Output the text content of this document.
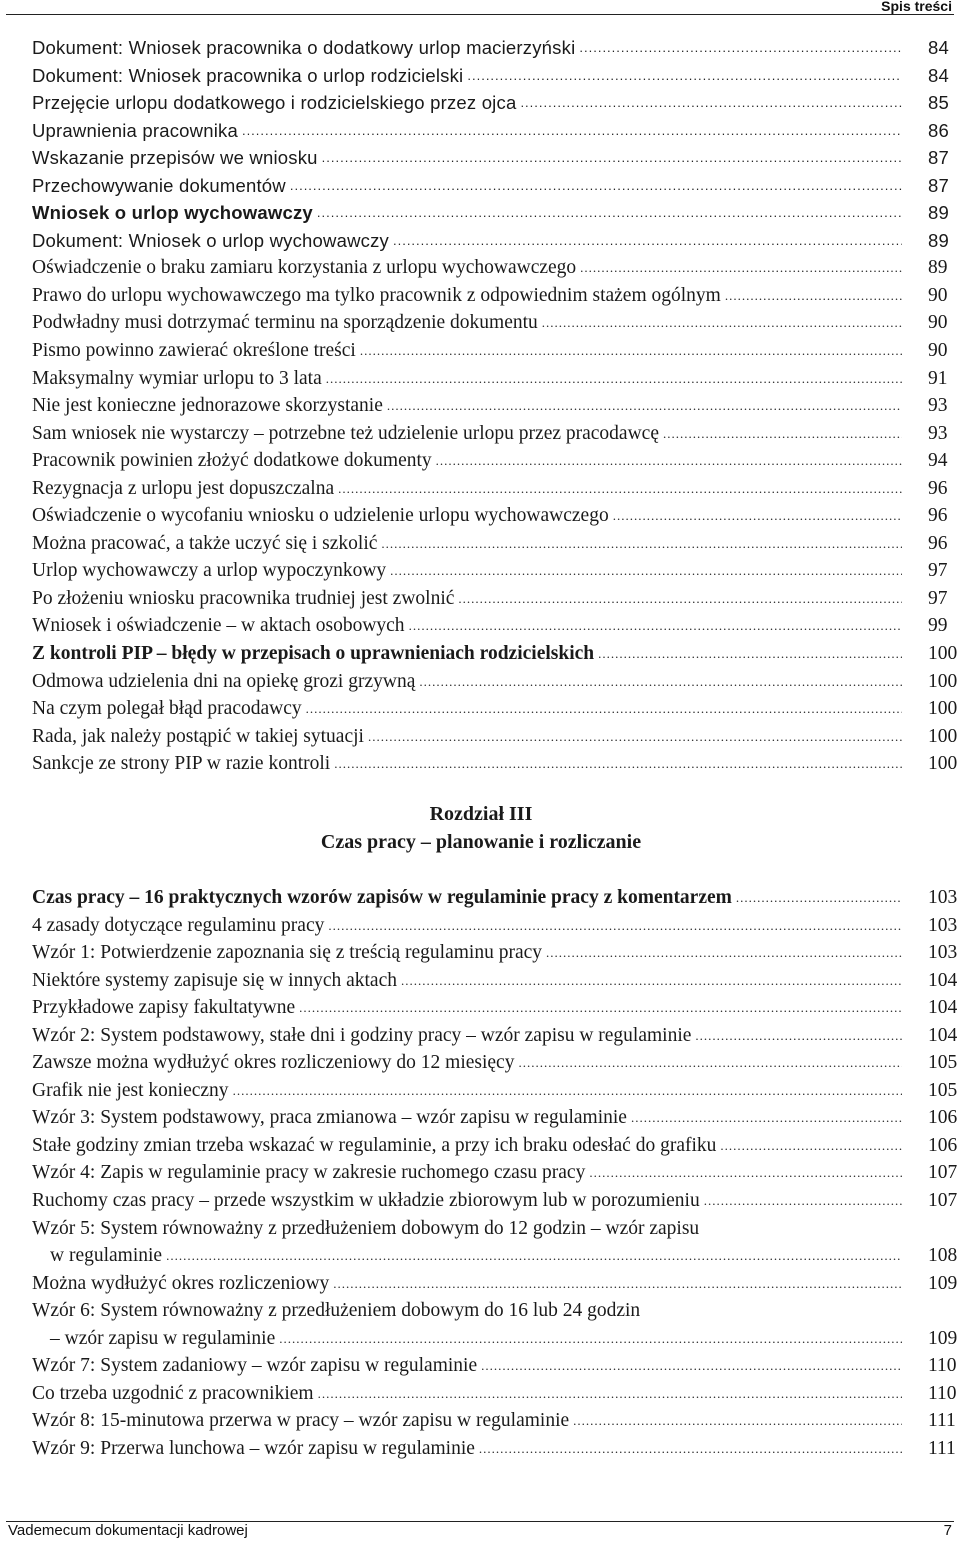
Spis treści
Dokument: Wniosek pracownika o dodatkowy urlop macierzyński .....	84
Dokument: Wniosek pracownika o urlop rodzicielski .....	84
Przejęcie urlopu dodatkowego i rodzicielskiego przez ojca .....	85
Uprawnienia pracownika .....	86
Wskazanie przepisów we wniosku .....	87
Przechowywanie dokumentów .....	87
Wniosek o urlop wychowawczy .....	89
Dokument: Wniosek o urlop wychowawczy .....	89
Oświadczenie o braku zamiaru korzystania z urlopu wychowawczego .....	89
Prawo do urlopu wychowawczego ma tylko pracownik z odpowiednim stażem ogólnym .....	90
Podwładny musi dotrzymać terminu na sporządzenie dokumentu .....	90
Pismo powinno zawierać określone treści .....	90
Maksymalny wymiar urlopu to 3 lata .....	91
Nie jest konieczne jednorazowe skorzystanie .....	93
Sam wniosek nie wystarczy – potrzebne też udzielenie urlopu przez pracodawcę .....	93
Pracownik powinien złożyć dodatkowe dokumenty .....	94
Rezygnacja z urlopu jest dopuszczalna .....	96
Oświadczenie o wycofaniu wniosku o udzielenie urlopu wychowawczego .....	96
Można pracować, a także uczyć się i szkolić .....	96
Urlop wychowawczy a urlop wypoczynkowy .....	97
Po złożeniu wniosku pracownika trudniej jest zwolnić .....	97
Wniosek i oświadczenie – w aktach osobowych .....	99
Z kontroli PIP – błędy w przepisach o uprawnieniach rodzicielskich .....	100
Odmowa udzielenia dni na opiekę grozi grzywną .....	100
Na czym polegał błąd pracodawcy .....	100
Rada, jak należy postąpić w takiej sytuacji .....	100
Sankcje ze strony PIP w razie kontroli .....	100
Rozdział III
Czas pracy – planowanie i rozliczanie
Czas pracy – 16 praktycznych wzorów zapisów w regulaminie pracy z komentarzem .....	103
4 zasady dotyczące regulaminu pracy .....	103
Wzór 1: Potwierdzenie zapoznania się z treścią regulaminu pracy .....	103
Niektóre systemy zapisuje się w innych aktach .....	104
Przykładowe zapisy fakultatywne .....	104
Wzór 2: System podstawowy, stałe dni i godziny pracy – wzór zapisu w regulaminie .....	104
Zawsze można wydłużyć okres rozliczeniowy do 12 miesięcy .....	105
Grafik nie jest konieczny .....	105
Wzór 3: System podstawowy, praca zmianowa – wzór zapisu w regulaminie .....	106
Stałe godziny zmian trzeba wskazać w regulaminie, a przy ich braku odesłać do grafiku .....	106
Wzór 4: Zapis w regulaminie pracy w zakresie ruchomego czasu pracy .....	107
Ruchomy czas pracy – przede wszystkim w układzie zbiorowym lub w porozumieniu .....	107
Wzór 5: System równoważny z przedłużeniem dobowym do 12 godzin – wzór zapisu
w regulaminie .....	108
Można wydłużyć okres rozliczeniowy .....	109
Wzór 6: System równoważny z przedłużeniem dobowym do 16 lub 24 godzin
– wzór zapisu w regulaminie .....	109
Wzór 7: System zadaniowy – wzór zapisu w regulaminie .....	110
Co trzeba uzgodnić z pracownikiem .....	110
Wzór 8: 15-minutowa przerwa w pracy – wzór zapisu w regulaminie .....	111
Wzór 9: Przerwa lunchowa – wzór zapisu w regulaminie .....	111
Vademecum dokumentacji kadrowej	7
